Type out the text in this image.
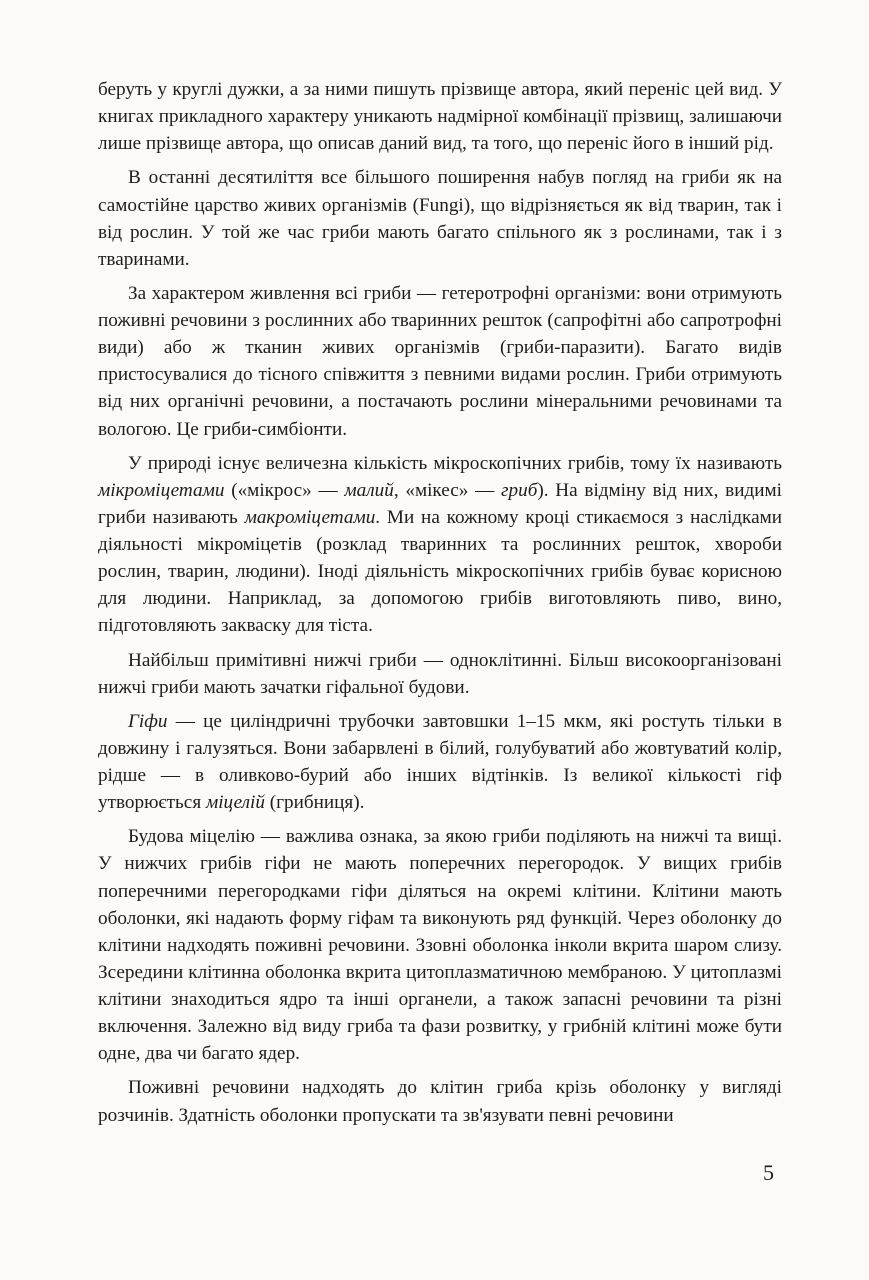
беруть у круглі дужки, а за ними пишуть прізвище автора, який переніс цей вид. У книгах прикладного характеру уникають надмірної комбінації прізвищ, залишаючи лише прізвище автора, що описав даний вид, та того, що переніс його в інший рід.
В останні десятиліття все більшого поширення набув погляд на гриби як на самостійне царство живих організмів (Fungi), що відрізняється як від тварин, так і від рослин. У той же час гриби мають багато спільного як з рослинами, так і з тваринами.
За характером живлення всі гриби — гетеротрофні організми: вони отримують поживні речовини з рослинних або тваринних решток (сапрофітні або сапротрофні види) або ж тканин живих організмів (гриби-паразити). Багато видів пристосувалися до тісного співжиття з певними видами рослин. Гриби отримують від них органічні речовини, а постачають рослини мінеральними речовинами та вологою. Це гриби-симбіонти.
У природі існує величезна кількість мікроскопічних грибів, тому їх називають мікроміцетами («мікрос» — малий, «мікес» — гриб). На відміну від них, видимі гриби називають макроміцетами. Ми на кожному кроці стикаємося з наслідками діяльності мікроміцетів (розклад тваринних та рослинних решток, хвороби рослин, тварин, людини). Іноді діяльність мікроскопічних грибів буває корисною для людини. Наприклад, за допомогою грибів виготовляють пиво, вино, підготовляють закваску для тіста.
Найбільш примітивні нижчі гриби — одноклітинні. Більш високоорганізовані нижчі гриби мають зачатки гіфальної будови.
Гіфи — це циліндричні трубочки завтовшки 1–15 мкм, які ростуть тільки в довжину і галузяться. Вони забарвлені в білий, голубуватий або жовтуватий колір, рідше — в оливково-бурий або інших відтінків. Із великої кількості гіф утворюється міцелій (грибниця).
Будова міцелію — важлива ознака, за якою гриби поділяють на нижчі та вищі. У нижчих грибів гіфи не мають поперечних перегородок. У вищих грибів поперечними перегородками гіфи діляться на окремі клітини. Клітини мають оболонки, які надають форму гіфам та виконують ряд функцій. Через оболонку до клітини надходять поживні речовини. Ззовні оболонка інколи вкрита шаром слизу. Зсередини клітинна оболонка вкрита цитоплазматичною мембраною. У цитоплазмі клітини знаходиться ядро та інші органели, а також запасні речовини та різні включення. Залежно від виду гриба та фази розвитку, у грибній клітині може бути одне, два чи багато ядер.
Поживні речовини надходять до клітин гриба крізь оболонку у вигляді розчинів. Здатність оболонки пропускати та зв'язувати певні речовини
5
